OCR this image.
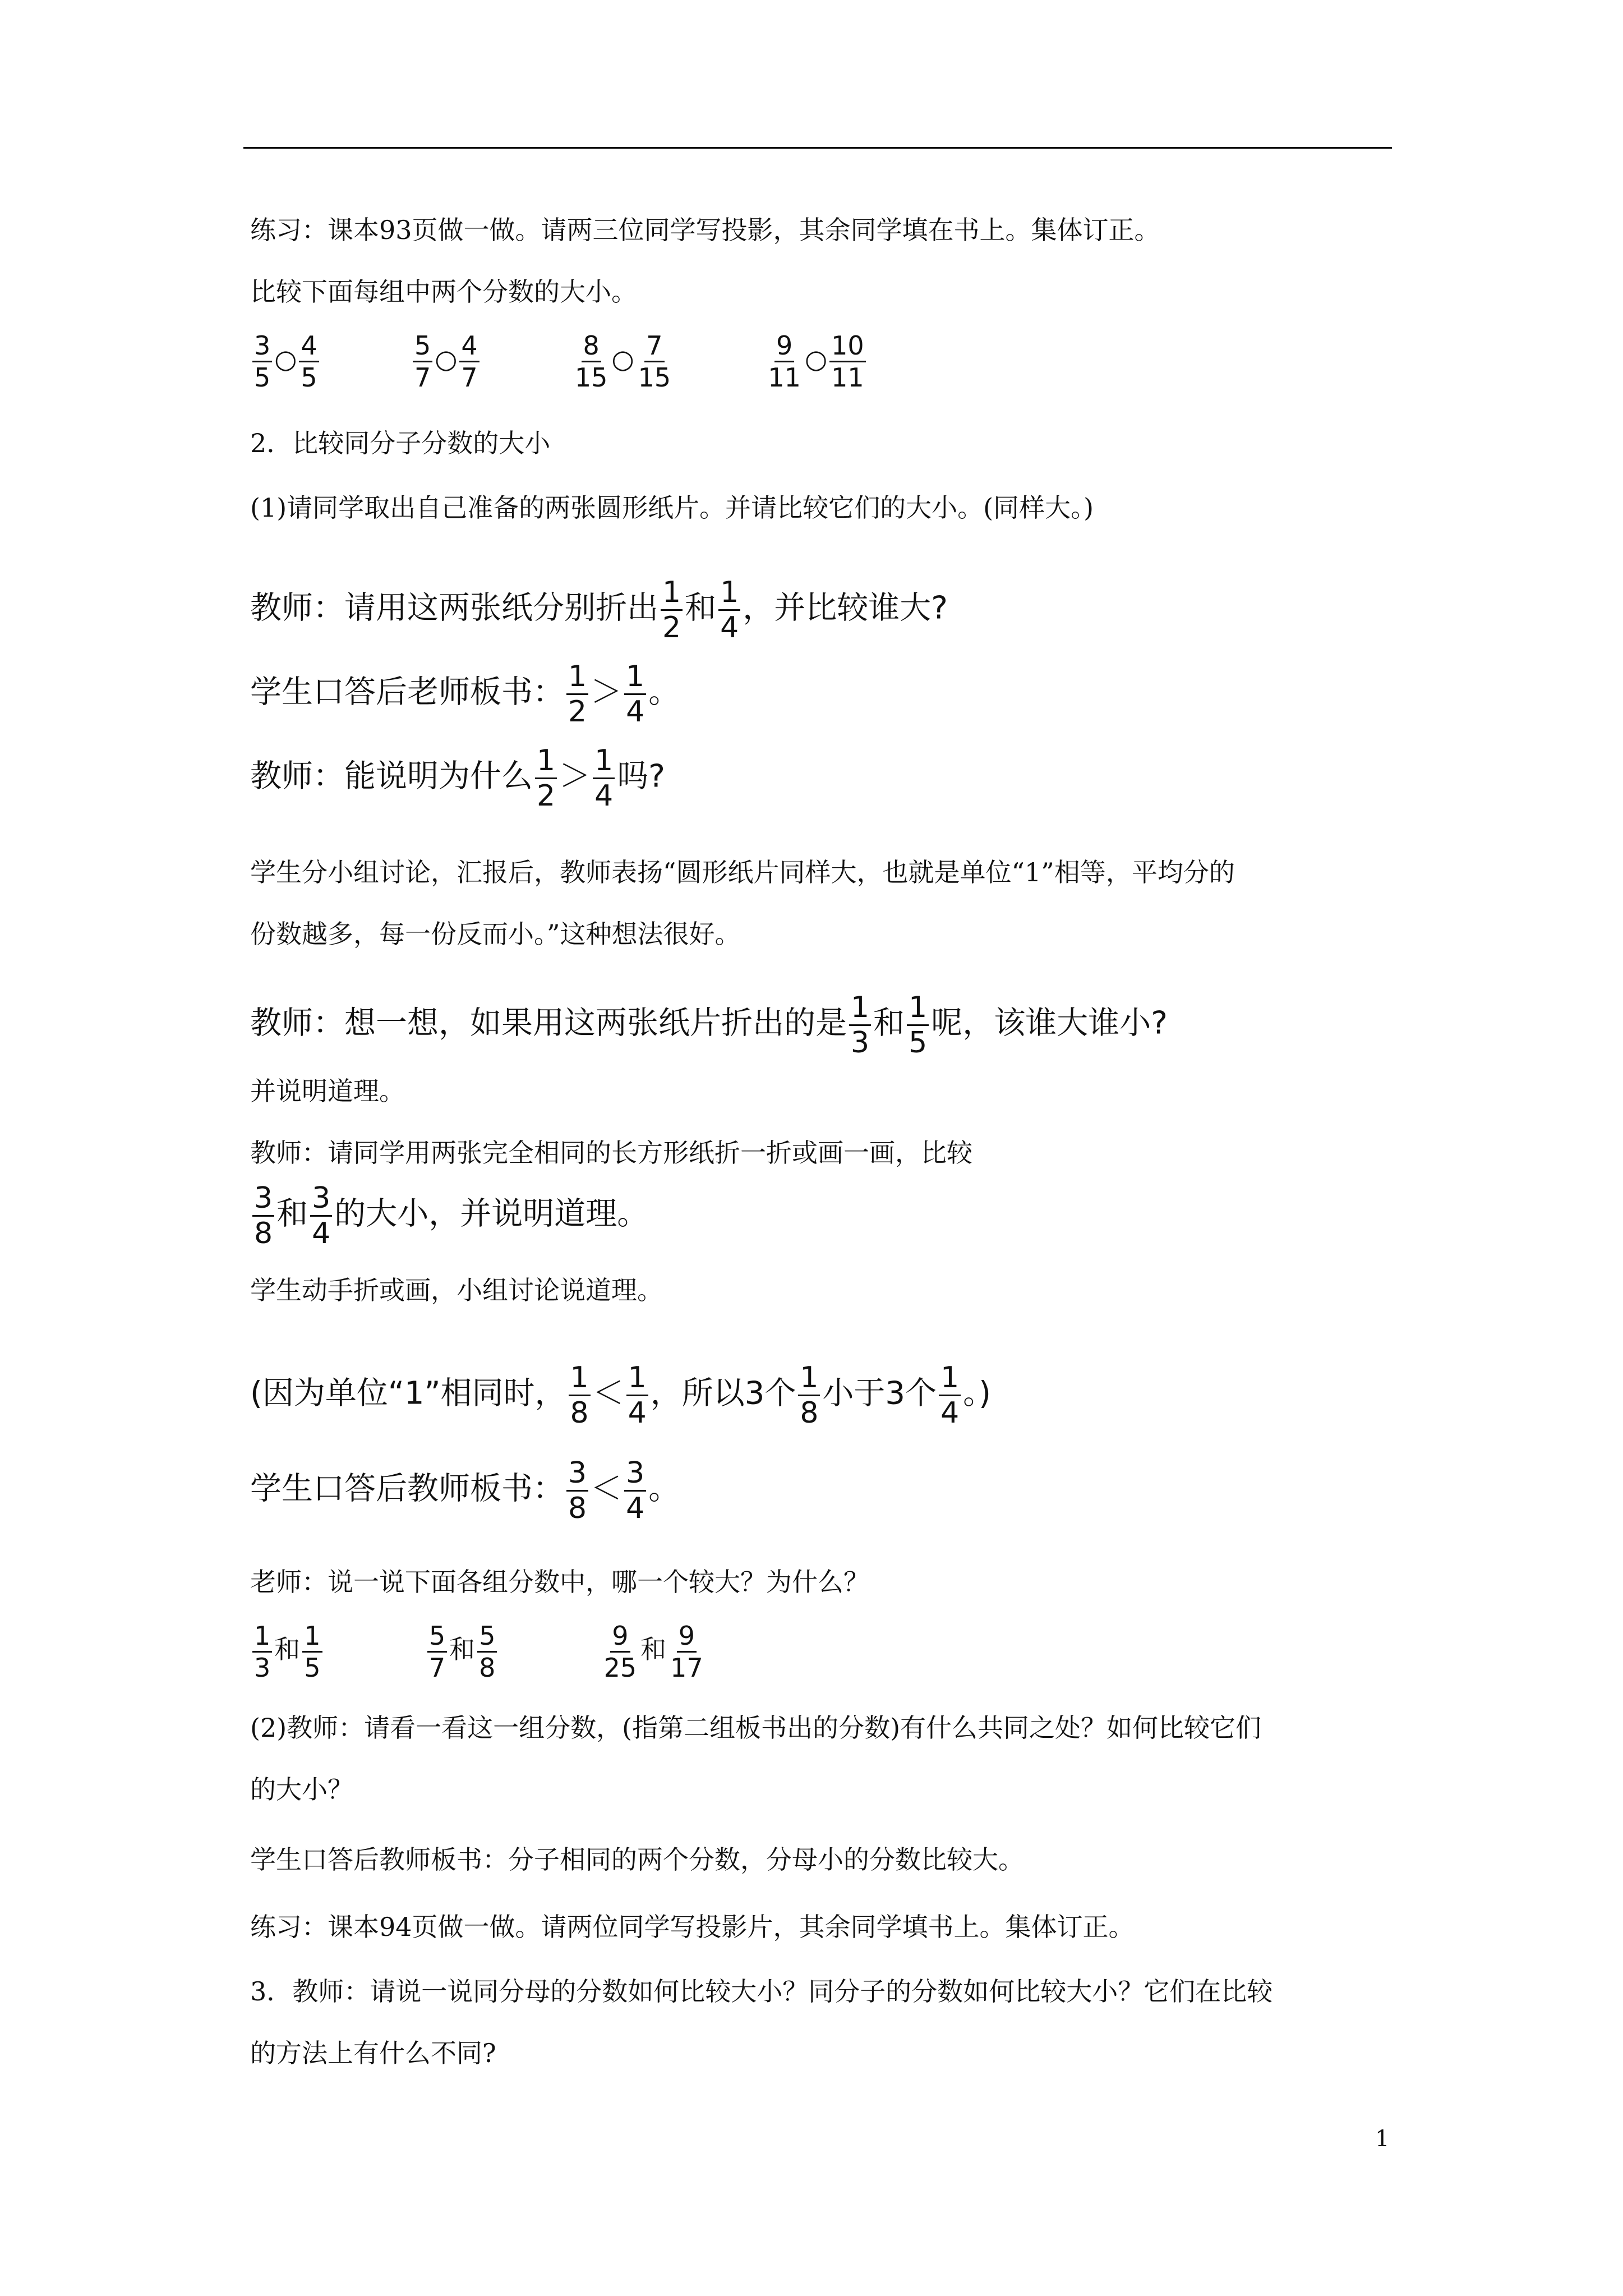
练习：课本93页做一做。请两三位同学写投影，其余同学填在书上。集体订正。
比较下面每组中两个分数的大小。
$\frac{3}{5}$ ○ $\frac{4}{5}$
	$\frac{5}{7}$ ○ $\frac{4}{7}$
	$\frac{8}{15}$ ○ $\frac{7}{15}$
	$\frac{9}{11}$ ○ $\frac{10}{11}$
2．比较同分子分数的大小
(1)请同学取出自己准备的两张圆形纸片。并请比较它们的大小。(同样大。)
教师：请用这两张纸分别折出 $\frac{1}{2}$ 和 $\frac{1}{4}$ ，并比较谁大?
学生口答后老师板书： $\frac{1}{2} > \frac{1}{4}$ 。
教师：能说明为什么 $\frac{1}{2} > \frac{1}{4}$ 吗?
学生分小组讨论，汇报后，教师表扬“圆形纸片同样大，也就是单位“1”相等，平均分的
份数越多，每一份反而小。”这种想法很好。
教师：想一想，如果用这两张纸片折出的是 $\frac{1}{3}$ 和 $\frac{1}{5}$ 呢，该谁大谁小?
并说明道理。
教师：请同学用两张完全相同的长方形纸折一折或画一画，比较
$\frac{3}{8}$ 和 $\frac{3}{4}$ 的大小，并说明道理。
学生动手折或画，小组讨论说道理。
(因为单位“1”相同时， $\frac{1}{8} < \frac{1}{4}$ ，所以3个 $\frac{1}{8}$ 小于3个 $\frac{1}{4}$ 。)
学生口答后教师板书： $\frac{3}{8} < \frac{3}{4}$ 。
老师：说一说下面各组分数中，哪一个较大？为什么？
$\frac{1}{3}$ 和 $\frac{1}{5}$
	$\frac{5}{7}$ 和 $\frac{5}{8}$
	$\frac{9}{25}$ 和 $\frac{9}{17}$
(2)教师：请看一看这一组分数，(指第二组板书出的分数)有什么共同之处？如何比较它们
的大小？
学生口答后教师板书：分子相同的两个分数，分母小的分数比较大。
练习：课本94页做一做。请两位同学写投影片，其余同学填书上。集体订正。
3．教师：请说一说同分母的分数如何比较大小？同分子的分数如何比较大小？它们在比较
的方法上有什么不同?
1
